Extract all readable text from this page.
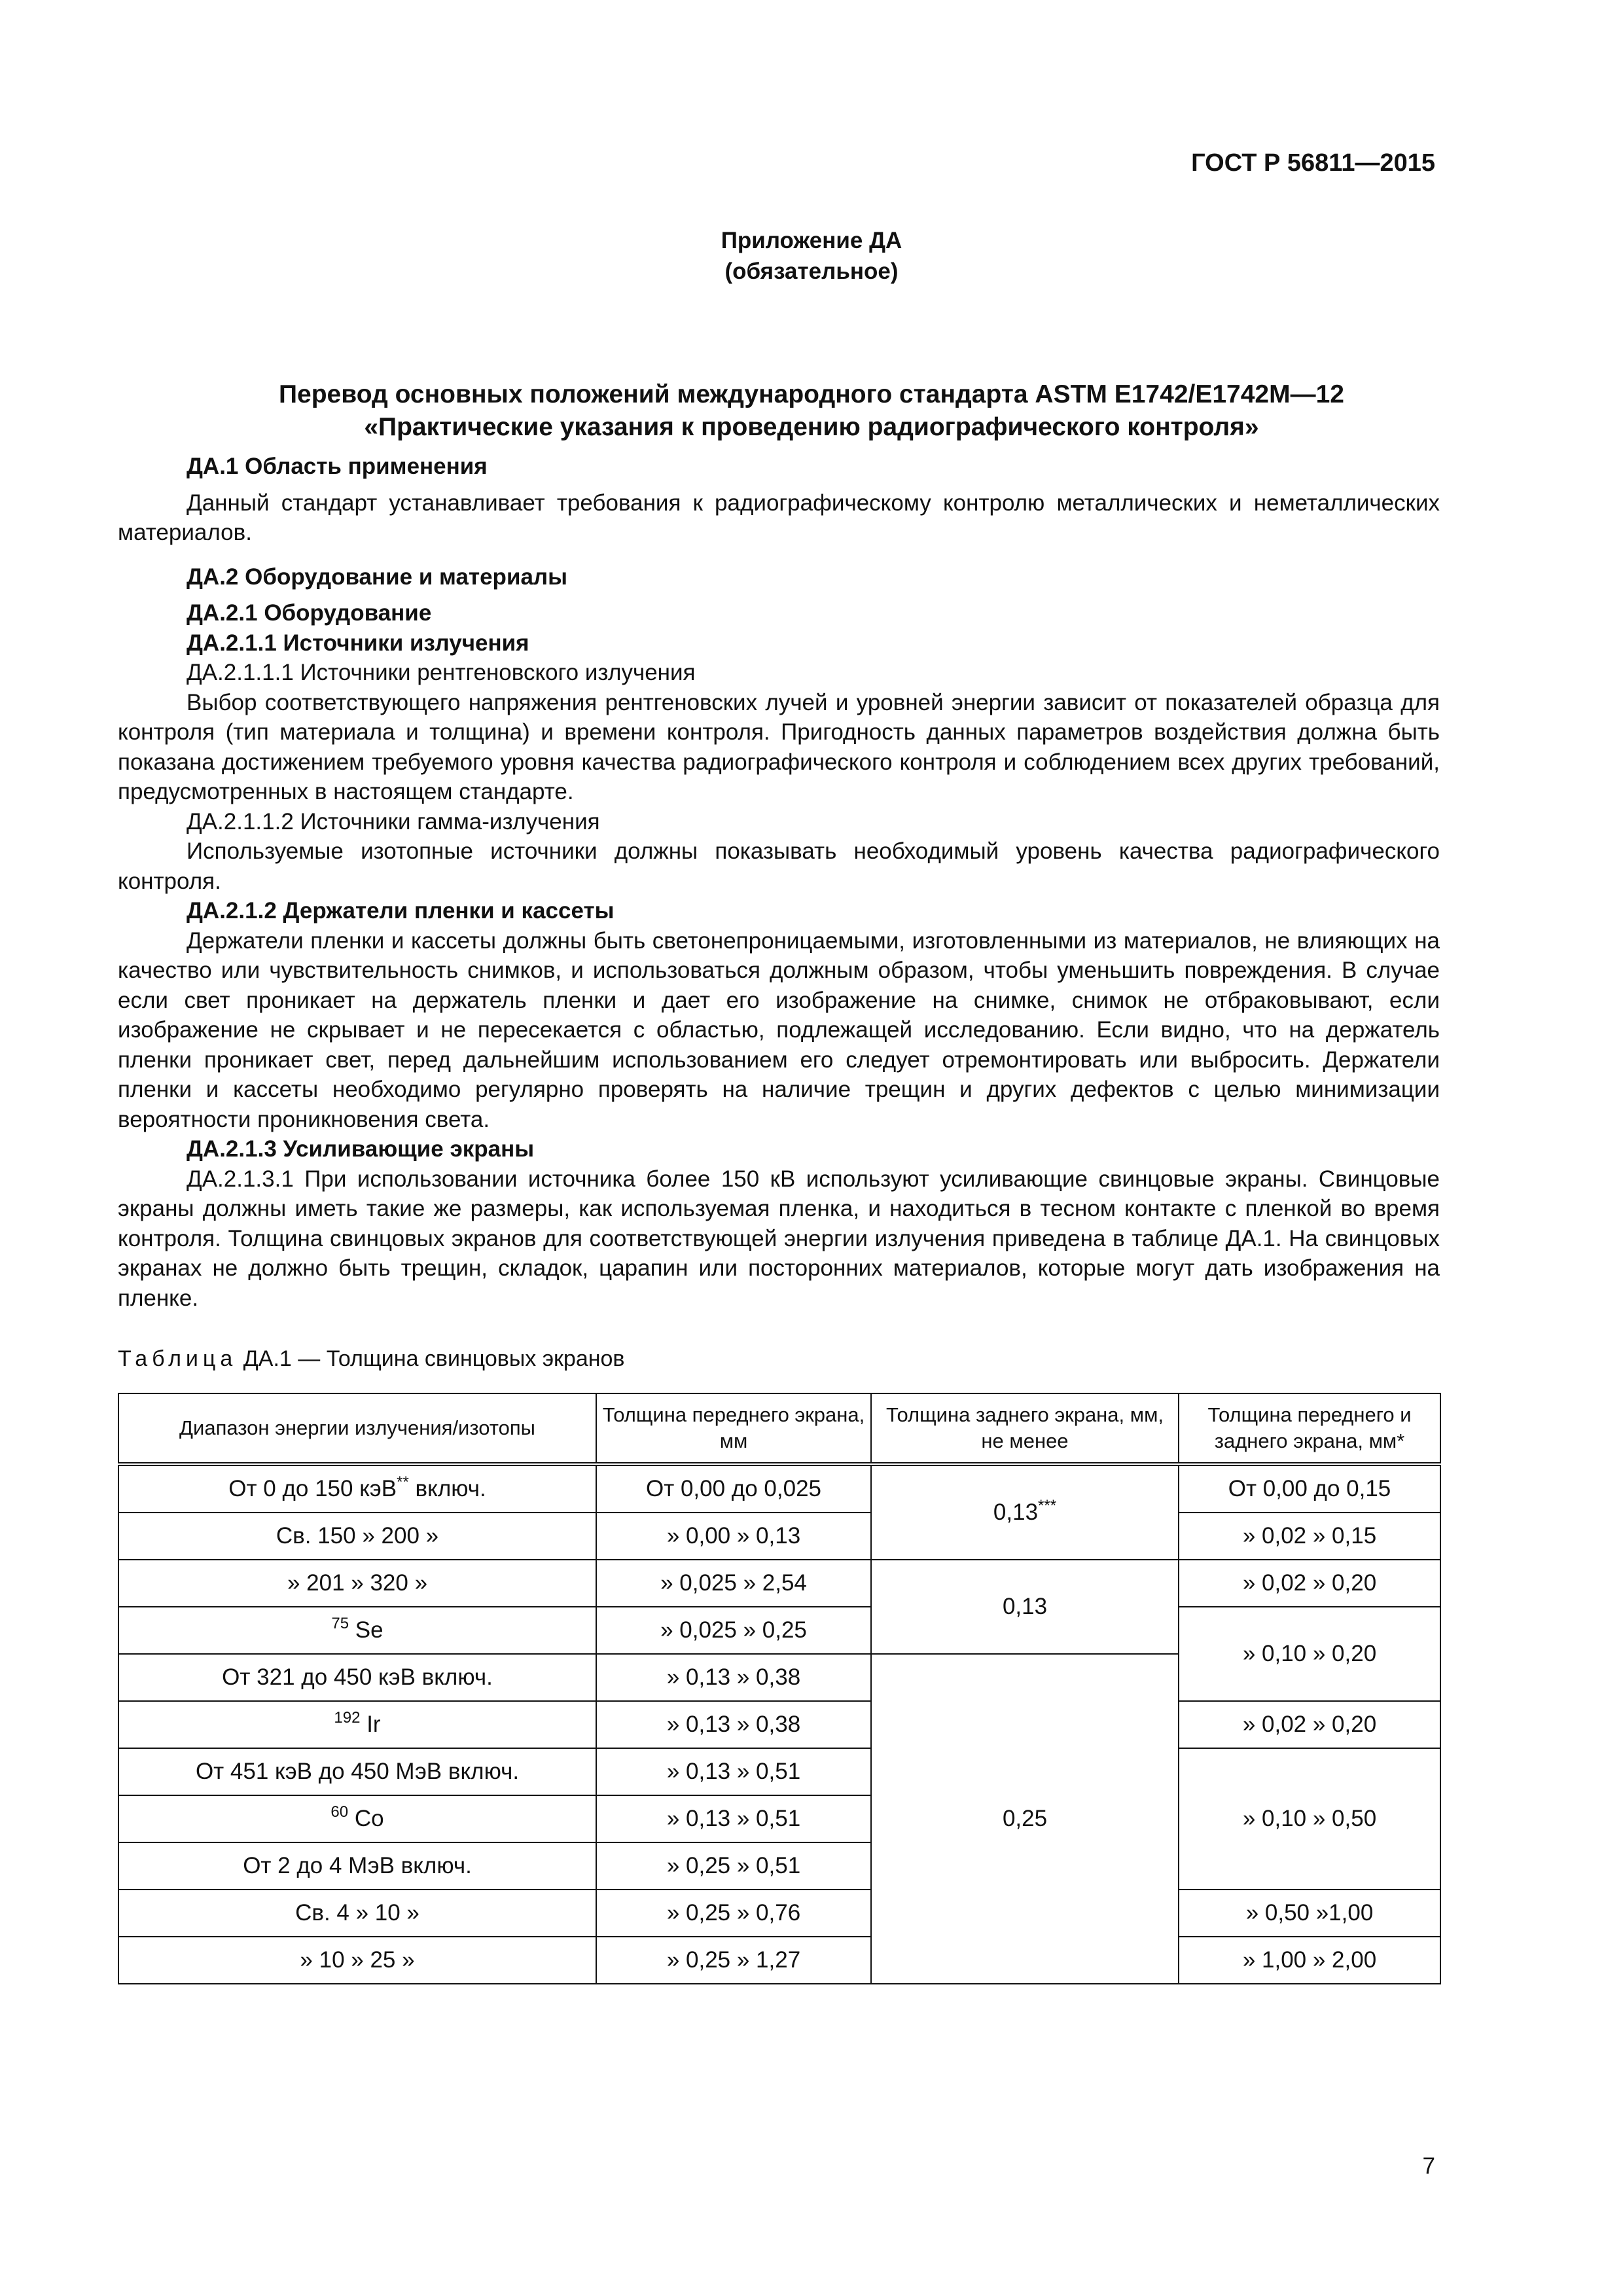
ГОСТ Р 56811—2015
Приложение ДА
(обязательное)
Перевод основных положений международного стандарта ASTM E1742/E1742M—12
«Практические указания к проведению радиографического контроля»

ДА.1 Область применения

Данный стандарт устанавливает требования к радиографическому контролю металлических и неметаллических материалов.

ДА.2 Оборудование и материалы

ДА.2.1 Оборудование

ДА.2.1.1 Источники излучения

ДА.2.1.1.1 Источники рентгеновского излучения

Выбор соответствующего напряжения рентгеновских лучей и уровней энергии зависит от показателей образца для контроля (тип материала и толщина) и времени контроля. Пригодность данных параметров воздействия должна быть показана достижением требуемого уровня качества радиографического контроля и соблюдением всех других требований, предусмотренных в настоящем стандарте.

ДА.2.1.1.2 Источники гамма-излучения

Используемые изотопные источники должны показывать необходимый уровень качества радиографического контроля.

ДА.2.1.2 Держатели пленки и кассеты

Держатели пленки и кассеты должны быть светонепроницаемыми, изготовленными из материалов, не влияющих на качество или чувствительность снимков, и использоваться должным образом, чтобы уменьшить повреждения. В случае если свет проникает на держатель пленки и дает его изображение на снимке, снимок не отбраковывают, если изображение не скрывает и не пересекается с областью, подлежащей исследованию. Если видно, что на держатель пленки проникает свет, перед дальнейшим использованием его следует отремонтировать или выбросить. Держатели пленки и кассеты необходимо регулярно проверять на наличие трещин и других дефектов с целью минимизации вероятности проникновения света.

ДА.2.1.3 Усиливающие экраны

ДА.2.1.3.1 При использовании источника более 150 кВ используют усиливающие свинцовые экраны. Свинцовые экраны должны иметь такие же размеры, как используемая пленка, и находиться в тесном контакте с пленкой во время контроля. Толщина свинцовых экранов для соответствующей энергии излучения приведена в таблице ДА.1. На свинцовых экранах не должно быть трещин, складок, царапин или посторонних материалов, которые могут дать изображения на пленке.

Таблица ДА.1 — Толщина свинцовых экранов
Диапазон энергии излучения/изотопы	Толщина переднего экрана, мм	Толщина заднего экрана, мм, не менее	Толщина переднего и заднего экрана, мм*
От 0 до 150 кэВ** включ.	От 0,00 до 0,025	0,13***	От 0,00 до 0,15
Св. 150 » 200 »	» 0,00 » 0,13		» 0,02 » 0,15
» 201 » 320 »	» 0,025 » 2,54	0,13	» 0,02 » 0,20
$^{75}$ Se	» 0,025 » 0,25		» 0,10 » 0,20
От 321 до 450 кэВ включ.	» 0,13 » 0,38	0,25	
$^{192}$ Ir	» 0,13 » 0,38		» 0,02 » 0,20
От 451 кэВ до 450 МэВ включ.	» 0,13 » 0,51		» 0,10 » 0,50
$^{60}$ Co	» 0,13 » 0,51		
От 2 до 4 МэВ включ.	» 0,25 » 0,51		
Св. 4 » 10 »	» 0,25 » 0,76		» 0,50 »1,00
» 10 » 25 »	» 0,25 » 1,27		» 1,00 » 2,00
7
